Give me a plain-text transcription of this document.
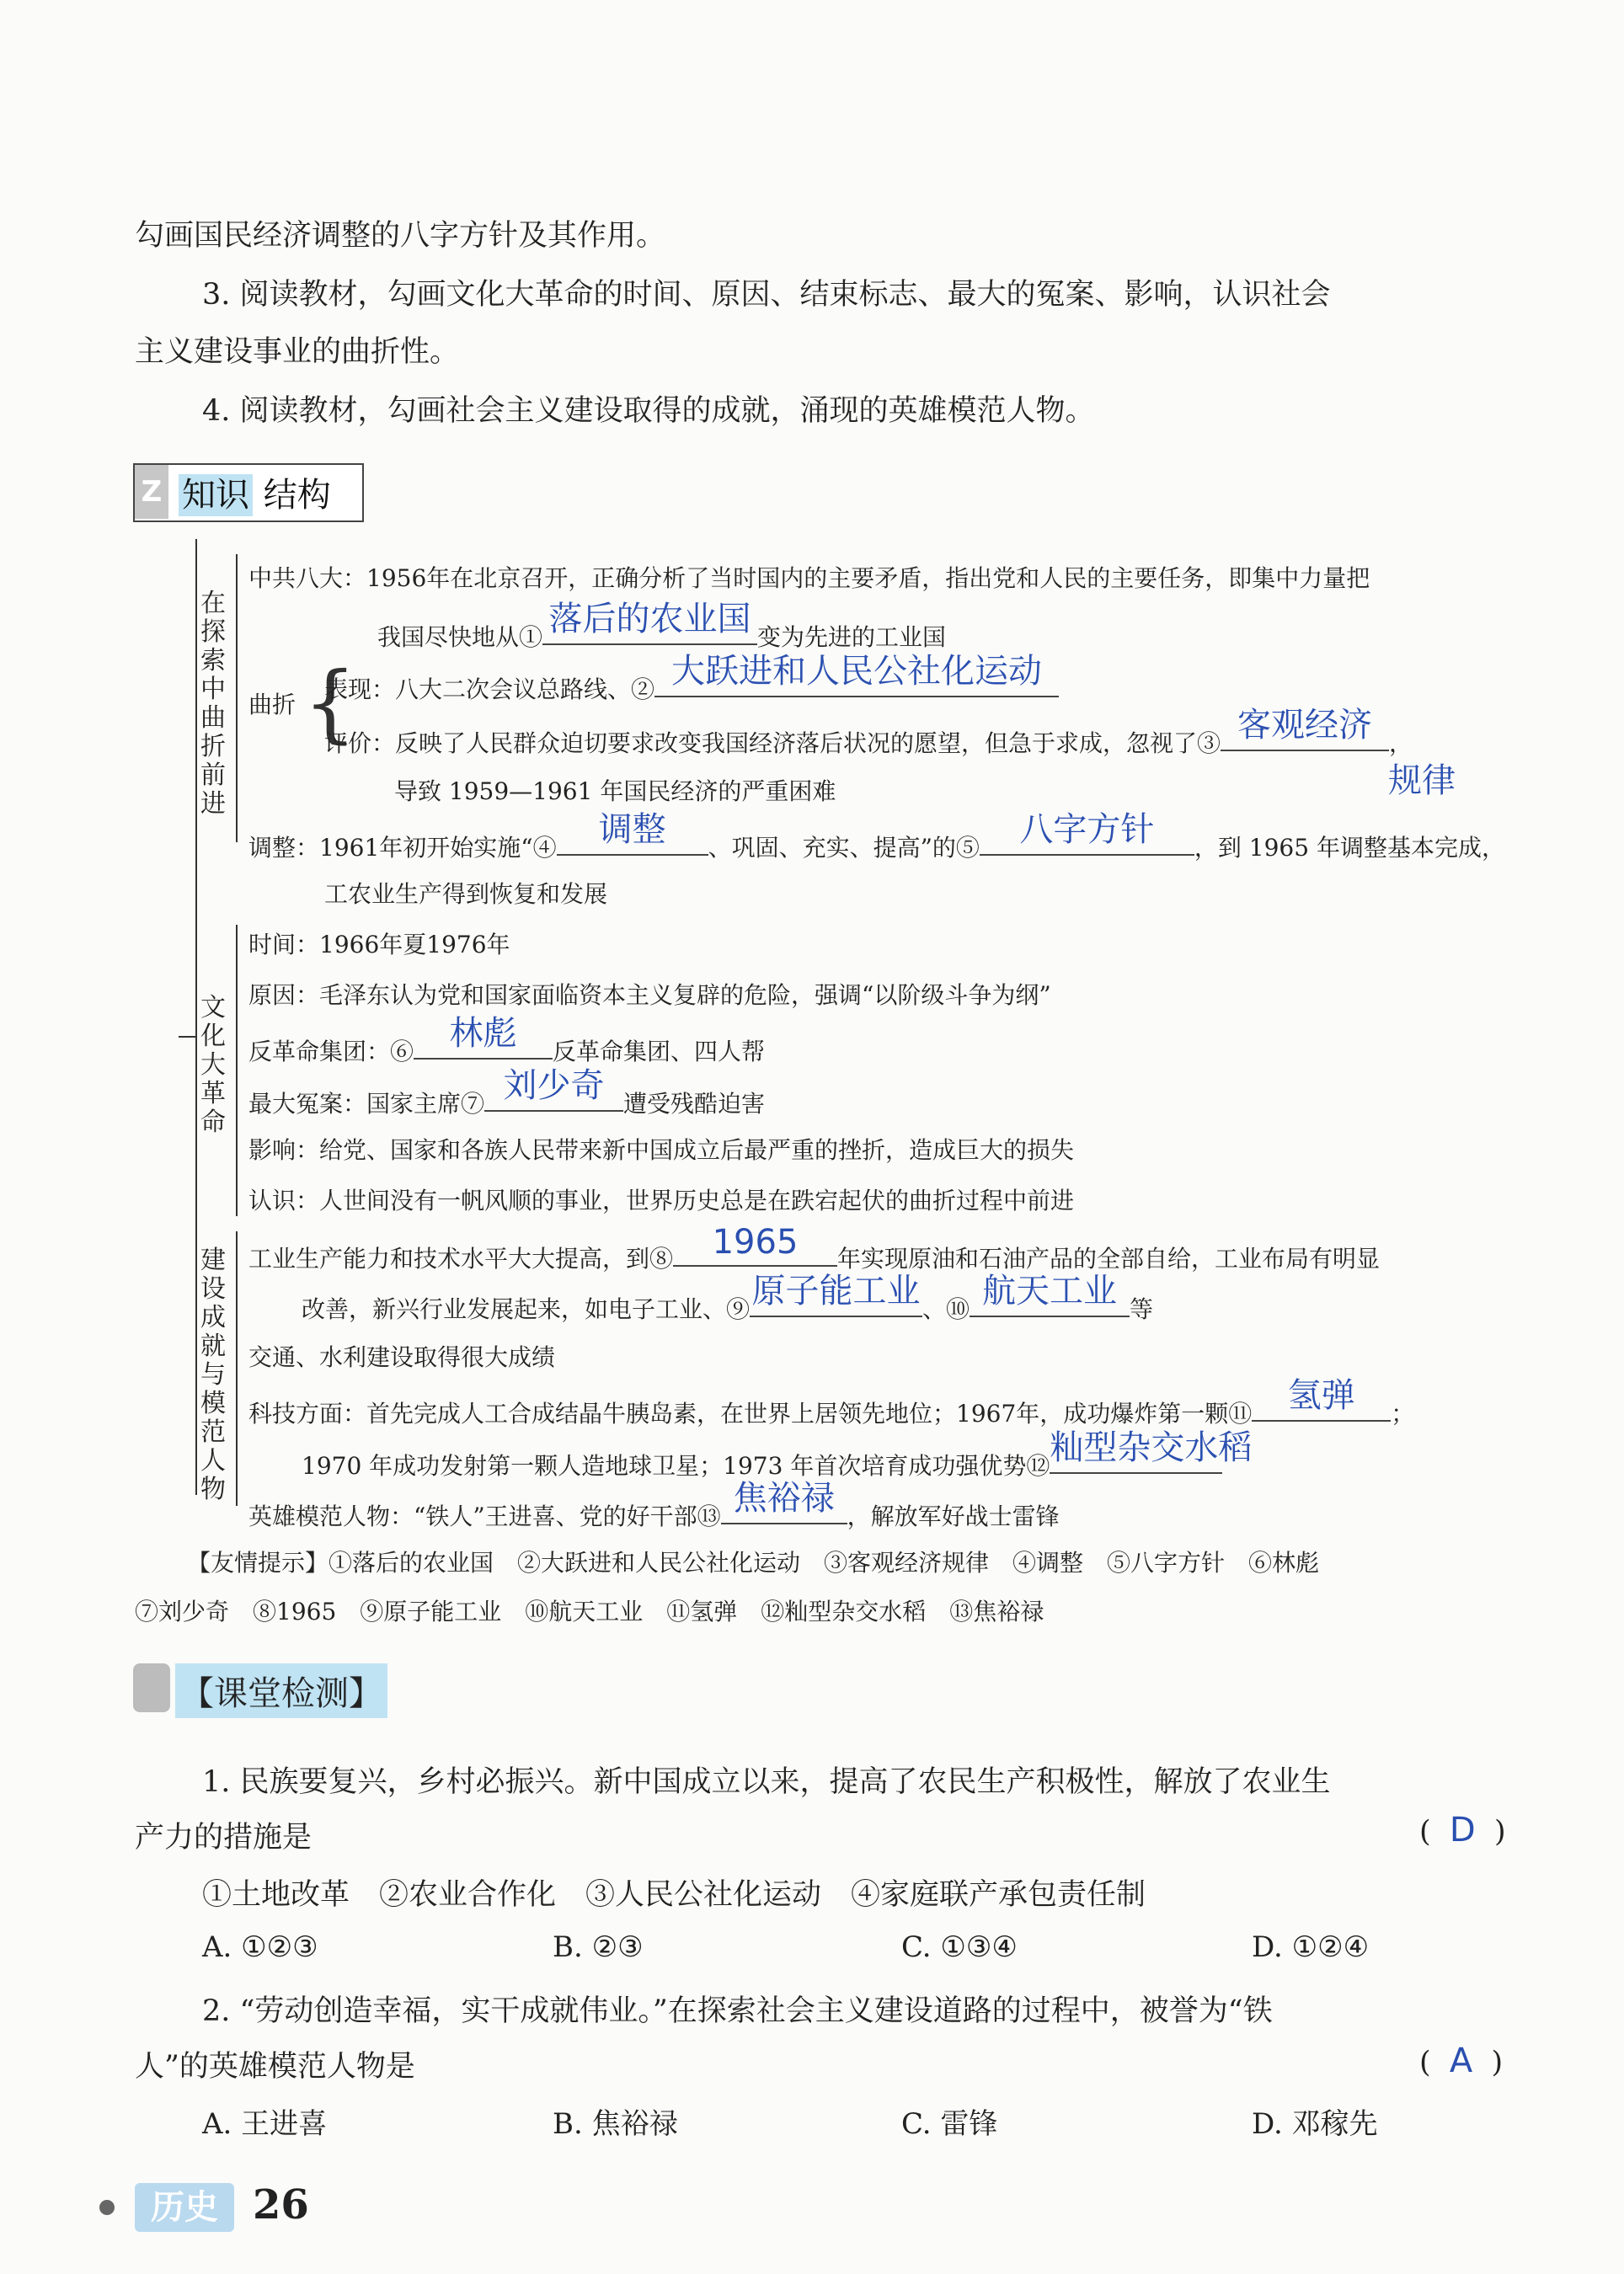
勾画国民经济调整的八字方针及其作用。
3. 阅读教材，勾画文化大革命的时间、原因、结束标志、最大的冤案、影响，认识社会
主义建设事业的曲折性。
4. 阅读教材，勾画社会主义建设取得的成就，涌现的英雄模范人物。
Z 知识 结构
在探索中曲折前进
文化大革命
建设成就与模范人物
中共八大：1956年在北京召开，正确分析了当时国内的主要矛盾，指出党和人民的主要任务，即集中力量把
我国尽快地从① 落后的农业国 变为先进的工业国
曲折 {
表现：八大二次会议总路线、② 大跃进和人民公社化运动
评价：反映了人民群众迫切要求改变我国经济落后状况的愿望，但急于求成，忽视了③ 客观经济 ，
规律
导致 1959—1961 年国民经济的严重困难
调整：1961年初开始实施“④	调整	、巩固、充实、提高”的⑤	八字方针	，到 1965 年调整基本完成，
工农业生产得到恢复和发展
时间：1966年夏1976年
原因：毛泽东认为党和国家面临资本主义复辟的危险，强调“以阶级斗争为纲”
反革命集团：⑥	林彪	反革命集团、四人帮
最大冤案：国家主席⑦ 刘少奇 遭受残酷迫害
影响：给党、国家和各族人民带来新中国成立后最严重的挫折，造成巨大的损失
认识：人世间没有一帆风顺的事业，世界历史总是在跌宕起伏的曲折过程中前进
工业生产能力和技术水平大大提高，到⑧	1965	年实现原油和石油产品的全部自给，工业布局有明显
改善，新兴行业发展起来，如电子工业、⑨ 原子能工业 、⑩ 航天工业 等
交通、水利建设取得很大成绩
科技方面：首先完成人工合成结晶牛胰岛素，在世界上居领先地位；1967年，成功爆炸第一颗⑪	氢弹	；
1970 年成功发射第一颗人造地球卫星；1973 年首次培育成功强优势⑫ 籼型杂交水稻
英雄模范人物：“铁人”王进喜、党的好干部⑬ 焦裕禄 ，解放军好战士雷锋
【友情提示】①落后的农业国　②大跃进和人民公社化运动　③客观经济规律　④调整　⑤八字方针　⑥林彪
⑦刘少奇　⑧1965　⑨原子能工业　⑩航天工业　⑪氢弹　⑫籼型杂交水稻　⑬焦裕禄
【课堂检测】
1. 民族要复兴，乡村必振兴。新中国成立以来，提高了农民生产积极性，解放了农业生
产力的措施是	(  D  )
①土地改革　②农业合作化　③人民公社化运动　④家庭联产承包责任制
A. ①②③	B. ②③	C. ①③④	D. ①②④
2. “劳动创造幸福，实干成就伟业。”在探索社会主义建设道路的过程中，被誉为“铁
人”的英雄模范人物是	(  A  )
A. 王进喜	B. 焦裕禄	C. 雷锋	D. 邓稼先
历史 26
